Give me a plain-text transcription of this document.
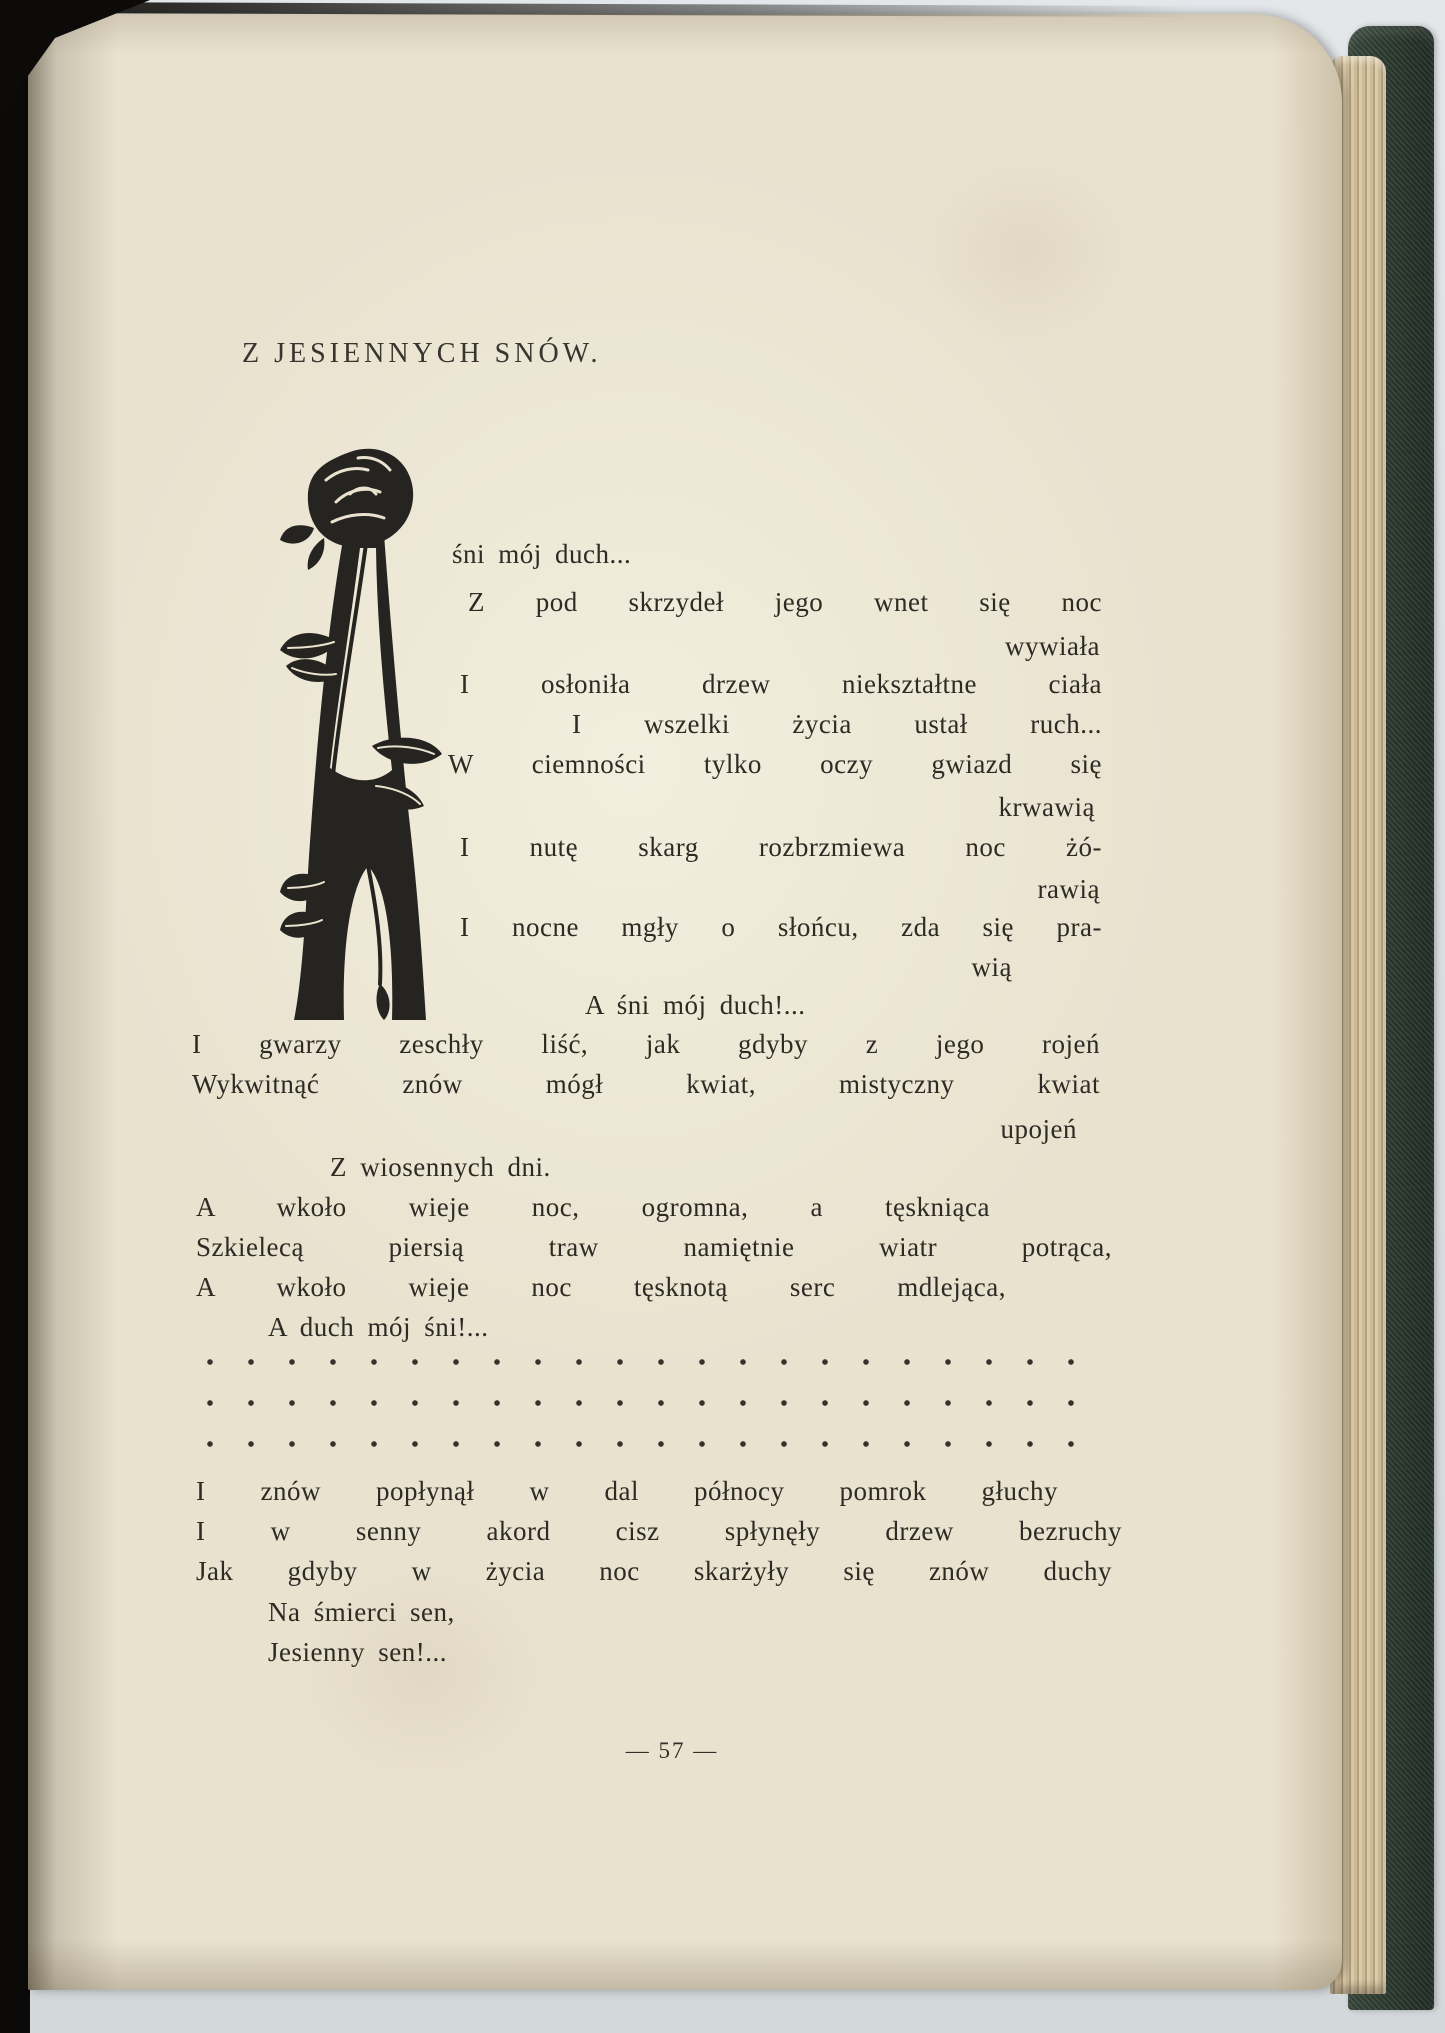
Z JESIENNYCH SNÓW.
śni mój duch...
Z pod skrzydeł jego wnet się noc
wywiała
I osłoniła drzew niekształtne ciała
I wszelki życia ustał ruch...
W ciemności tylko oczy gwiazd się
krwawią
I nutę skarg rozbrzmiewa noc żó-
rawią
I nocne mgły o słońcu, zda się pra-
wią
A śni mój duch!...
I gwarzy zeschły liść, jak gdyby z jego rojeń
Wykwitnąć znów mógł kwiat, mistyczny kwiat
upojeń
Z wiosennych dni.
A wkoło wieje noc, ogromna, a tęskniąca
Szkielecą piersią traw namiętnie wiatr potrąca,
A wkoło wieje noc tęsknotą serc mdlejąca,
A duch mój śni!...
I znów popłynął w dal północy pomrok głuchy
I w senny akord cisz spłynęły drzew bezruchy
Jak gdyby w życia noc skarżyły się znów duchy
Na śmierci sen,
Jesienny sen!...
— 57 —
